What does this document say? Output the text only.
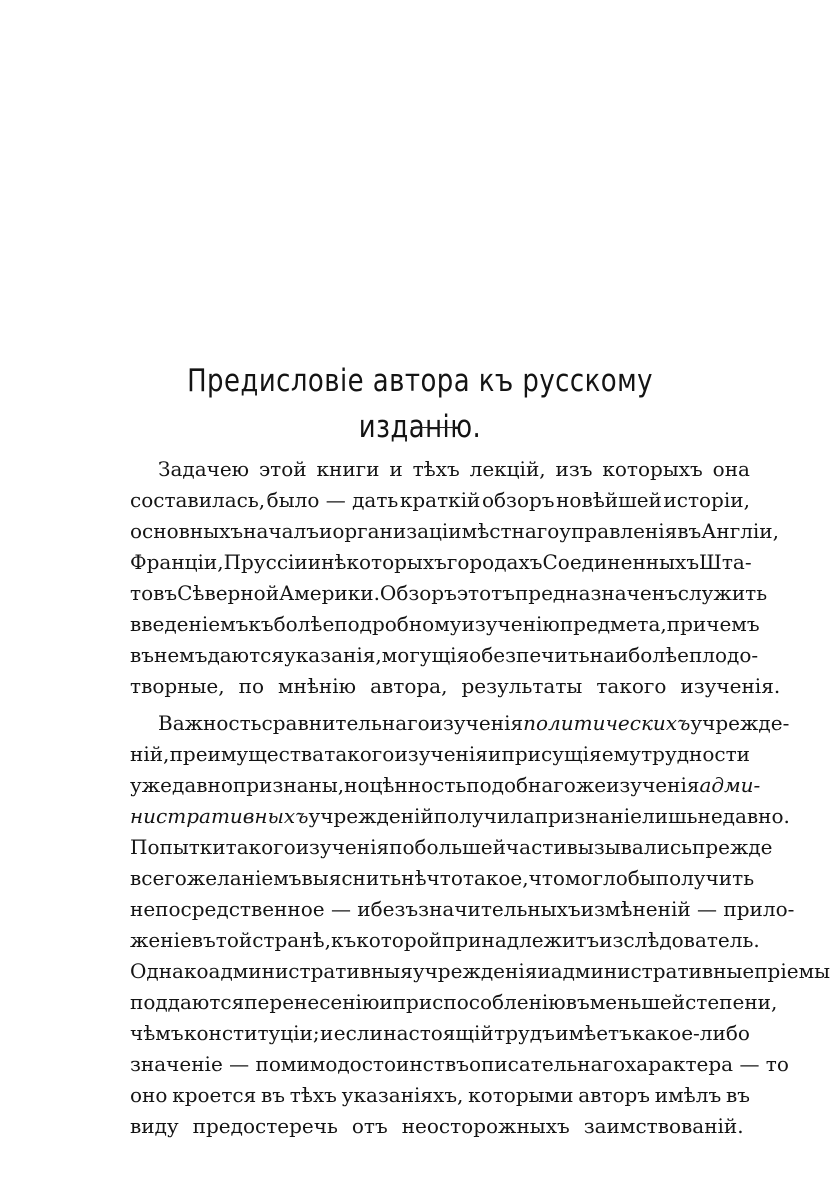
Предисловіе автора къ русскому изданію.
Задачею этой книги и тѣхъ лекцій, изъ которыхъ она
составилась, было — дать краткій обзоръ новѣйшей исторіи,
основныхъ началъ и организаціи мѣстнаго управленія въ Англіи,
Франціи, Пруссіи и нѣкоторыхъ городахъ Соединенныхъ Шта-
товъ Сѣверной Америки. Обзоръ этотъ предназначенъ служить
введеніемъ къ болѣе подробному изученію предмета, при чемъ
въ немъ даются указанія, могущія обезпечить наиболѣе плодо-
творные, по мнѣнію автора, результаты такого изученія.
Важность сравнительнаго изученія политическихъ учрежде-
ній, преимущества такого изученія и присущія ему трудности
уже давно признаны, но цѣнность подобнаго же изученія адми-
нистративныхъ учрежденій получила признаніе лишь недавно.
Попытки такого изученія по большей части вызывались прежде
всего желаніемъ выяснить нѣчто такое, что могло бы получить
непосредственное — и безъ значительныхъ измѣненій — прило-
женіе въ той странѣ, къ которой принадлежитъ изслѣдователь.
Однако административныя учрежденія и административные пріемы
поддаются перенесенію и приспособленію въ меньшей степени,
чѣмъ конституціи; и если настоящій трудъ имѣетъ какое-либо
значеніе — помимо достоинствъ описательнаго характера — то
оно кроется въ тѣхъ указаніяхъ, которыми авторъ имѣлъ въ
виду предостеречь отъ неосторожныхъ заимствованій.
